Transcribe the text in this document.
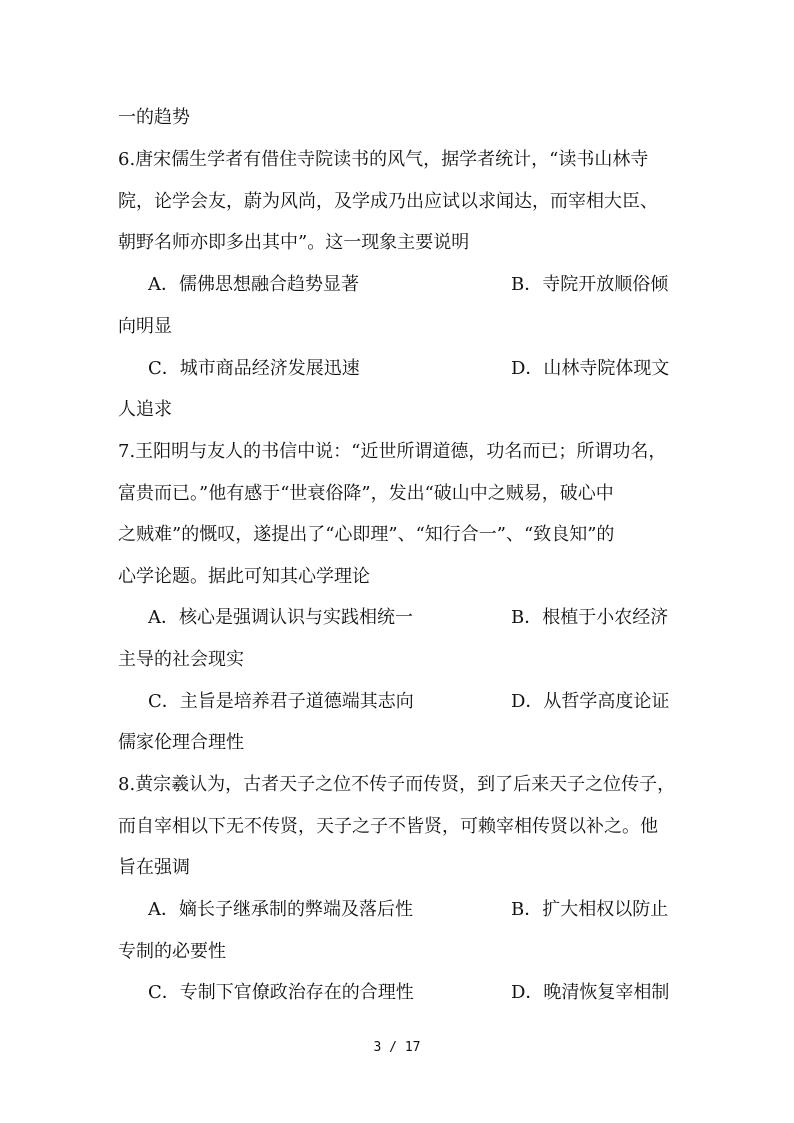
一的趋势
6.唐宋儒生学者有借住寺院读书的风气，据学者统计，“读书山林寺
院，论学会友，蔚为风尚，及学成乃出应试以求闻达，而宰相大臣、
朝野名师亦即多出其中”。这一现象主要说明
A．儒佛思想融合趋势显著	B．寺院开放顺俗倾
向明显
C．城市商品经济发展迅速	D．山林寺院体现文
人追求
7.王阳明与友人的书信中说：“近世所谓道德，功名而已；所谓功名，
富贵而已。”他有感于“世衰俗降”，发出“破山中之贼易，破心中
之贼难”的慨叹，遂提出了“心即理”、“知行合一”、“致良知”的
心学论题。据此可知其心学理论
A．核心是强调认识与实践相统一	B．根植于小农经济
主导的社会现实
C．主旨是培养君子道德端其志向	D．从哲学高度论证
儒家伦理合理性
8.黄宗羲认为，古者天子之位不传子而传贤，到了后来天子之位传子，
而自宰相以下无不传贤，天子之子不皆贤，可赖宰相传贤以补之。他
旨在强调
A．嫡长子继承制的弊端及落后性	B．扩大相权以防止
专制的必要性
C．专制下官僚政治存在的合理性	D．晚清恢复宰相制
3 / 17
